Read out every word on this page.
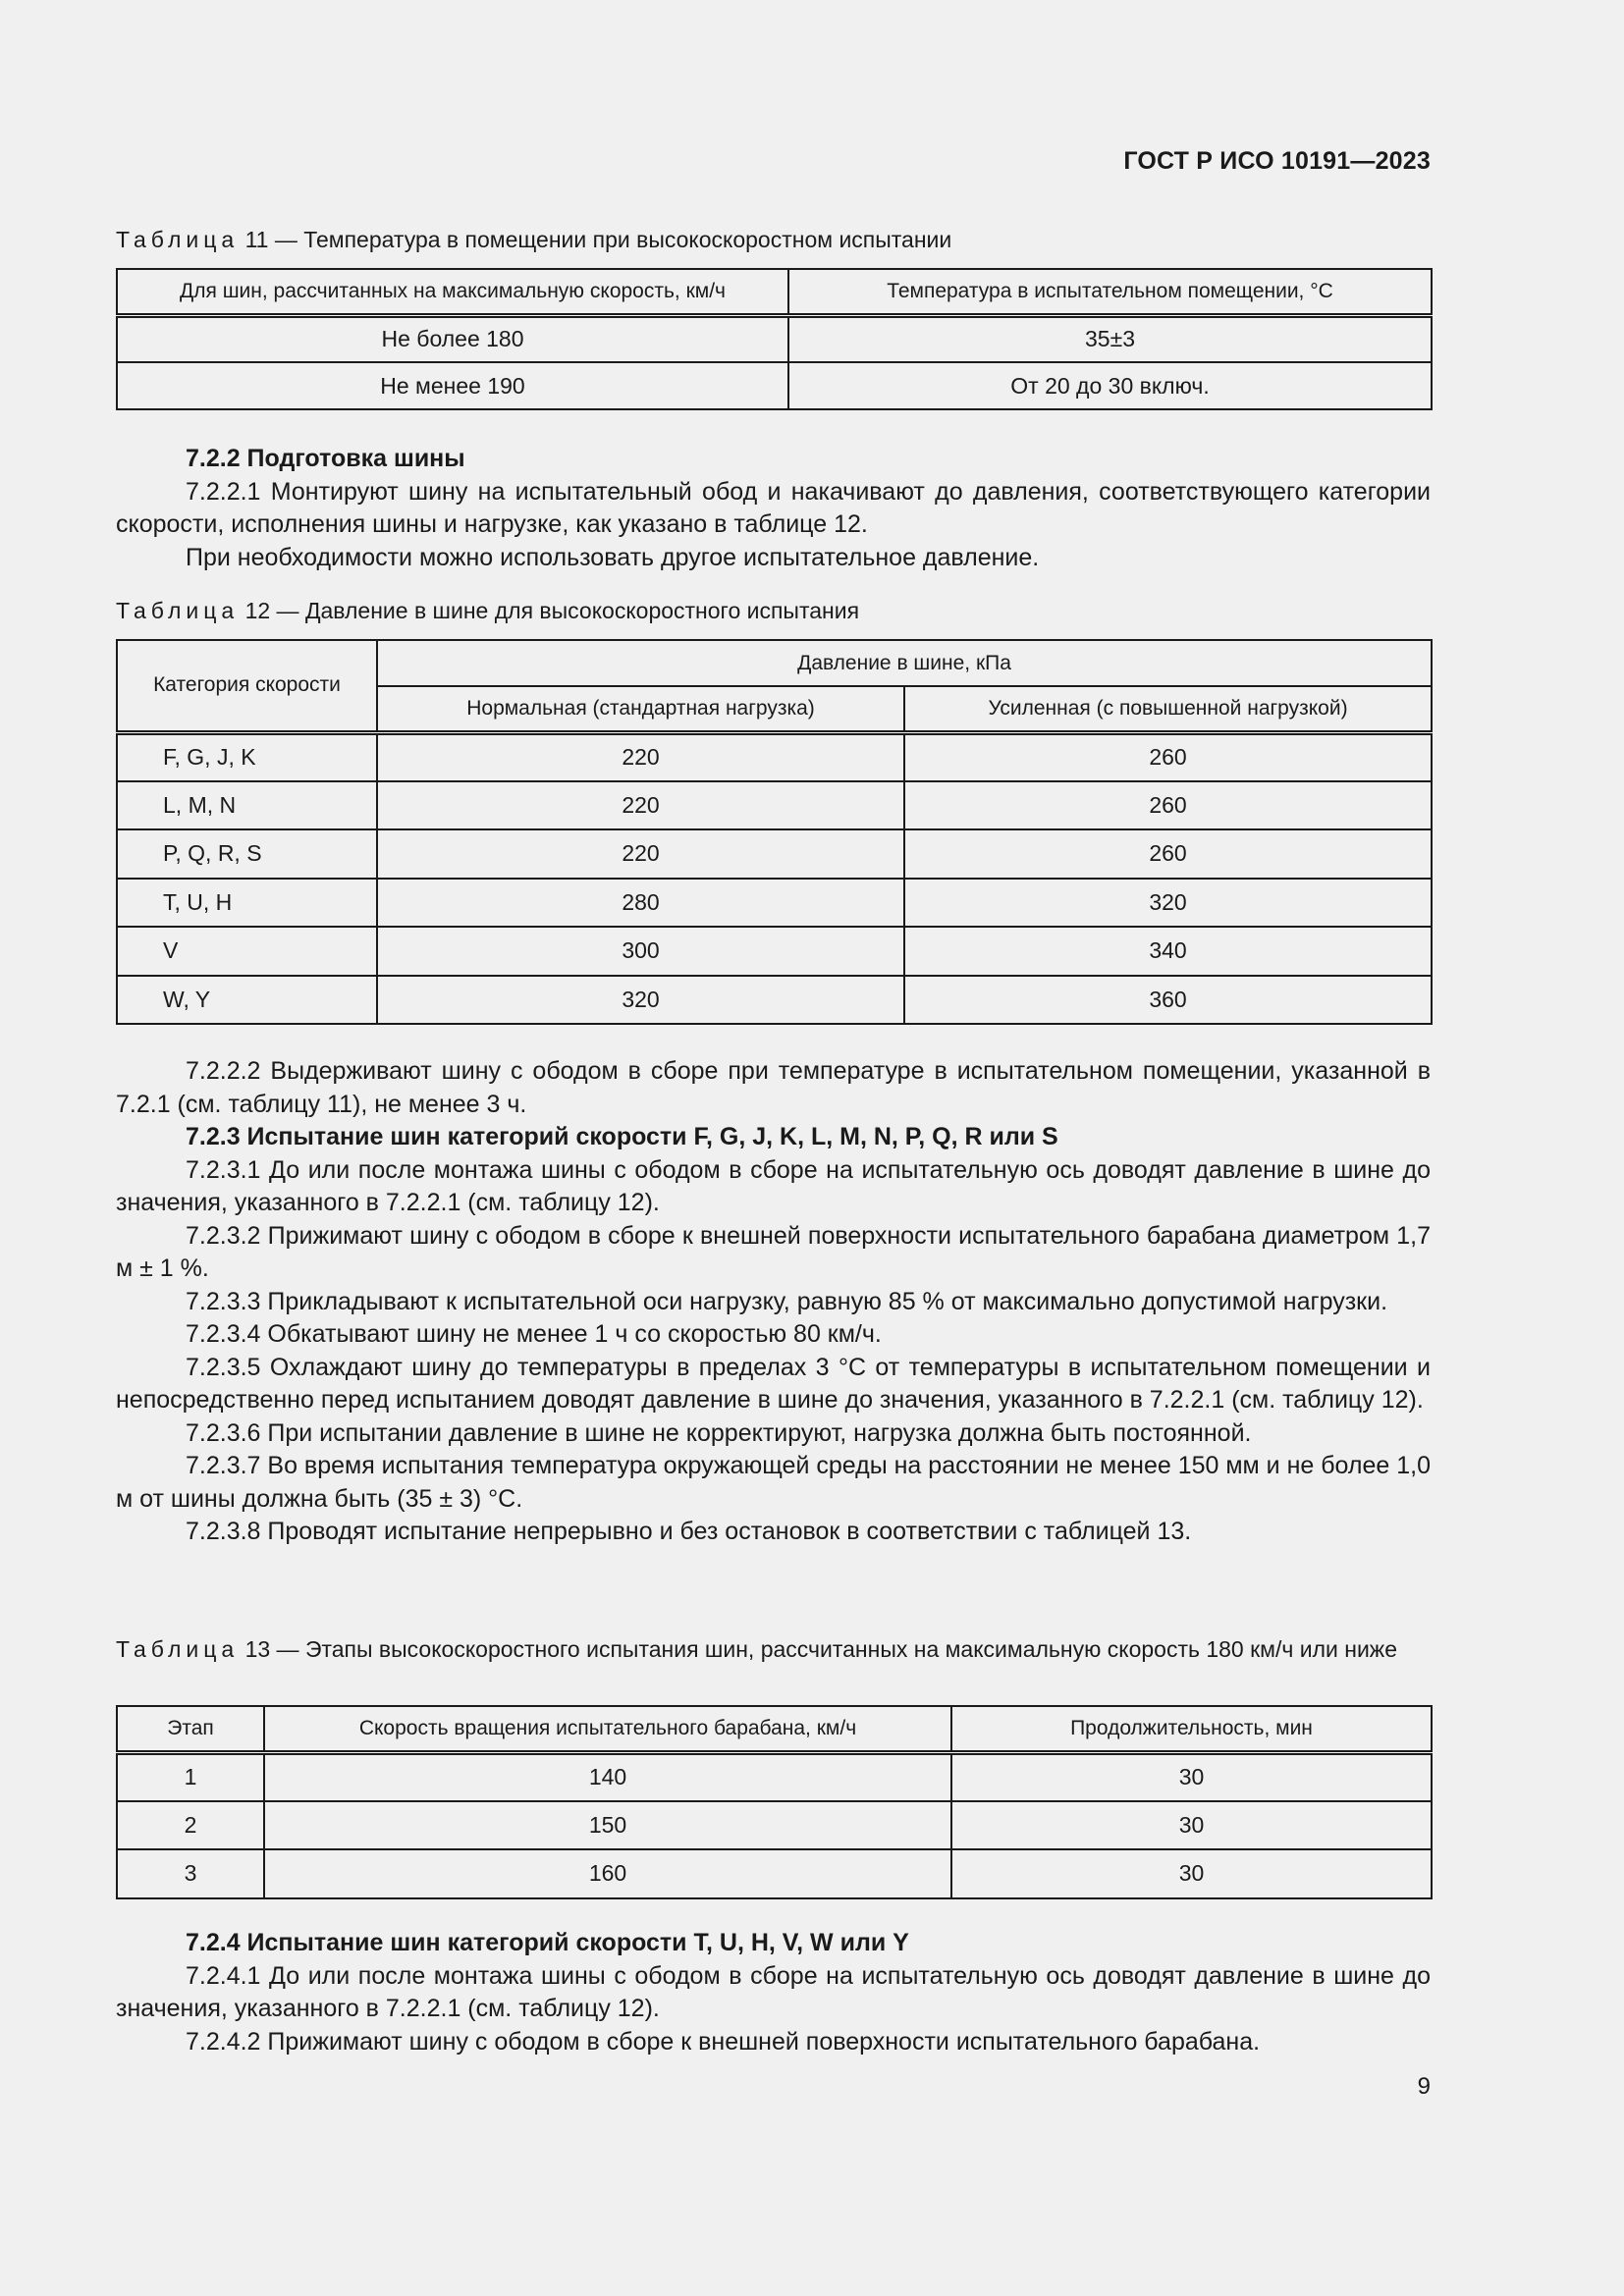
ГОСТ Р ИСО 10191—2023
Таблица 11 — Температура в помещении при высокоскоростном испытании
Для шин, рассчитанных на максимальную скорость, км/ч	Температура в испытательном помещении, °С
Не более 180	35±3
Не менее 190	От 20 до 30 включ.

7.2.2 Подготовка шины

7.2.2.1 Монтируют шину на испытательный обод и накачивают до давления, соответствующего категории скорости, исполнения шины и нагрузке, как указано в таблице 12.

При необходимости можно использовать другое испытательное давление.

Таблица 12 — Давление в шине для высокоскоростного испытания
Категория скорости	Давление в шине, кПа	
	Нормальная (стандартная нагрузка)	Усиленная (с повышенной нагрузкой)
F, G, J, K	220	260
L, M, N	220	260
P, Q, R, S	220	260
T, U, H	280	320
V	300	340
W, Y	320	360

7.2.2.2 Выдерживают шину с ободом в сборе при температуре в испытательном помещении, указанной в 7.2.1 (см. таблицу 11), не менее 3 ч.

7.2.3 Испытание шин категорий скорости F, G, J, K, L, M, N, P, Q, R или S

7.2.3.1 До или после монтажа шины с ободом в сборе на испытательную ось доводят давление в шине до значения, указанного в 7.2.2.1 (см. таблицу 12).

7.2.3.2 Прижимают шину с ободом в сборе к внешней поверхности испытательного барабана диаметром 1,7 м ± 1 %.

7.2.3.3 Прикладывают к испытательной оси нагрузку, равную 85 % от максимально допустимой нагрузки.

7.2.3.4 Обкатывают шину не менее 1 ч со скоростью 80 км/ч.

7.2.3.5 Охлаждают шину до температуры в пределах 3 °С от температуры в испытательном помещении и непосредственно перед испытанием доводят давление в шине до значения, указанного в 7.2.2.1 (см. таблицу 12).

7.2.3.6 При испытании давление в шине не корректируют, нагрузка должна быть постоянной.

7.2.3.7 Во время испытания температура окружающей среды на расстоянии не менее 150 мм и не более 1,0 м от шины должна быть (35 ± 3) °С.

7.2.3.8 Проводят испытание непрерывно и без остановок в соответствии с таблицей 13.

Таблица 13 — Этапы высокоскоростного испытания шин, рассчитанных на максимальную скорость 180 км/ч или ниже
Этап	Скорость вращения испытательного барабана, км/ч	Продолжительность, мин
1	140	30
2	150	30
3	160	30

7.2.4 Испытание шин категорий скорости T, U, H, V, W или Y

7.2.4.1 До или после монтажа шины с ободом в сборе на испытательную ось доводят давление в шине до значения, указанного в 7.2.2.1 (см. таблицу 12).

7.2.4.2 Прижимают шину с ободом в сборе к внешней поверхности испытательного барабана.

9
